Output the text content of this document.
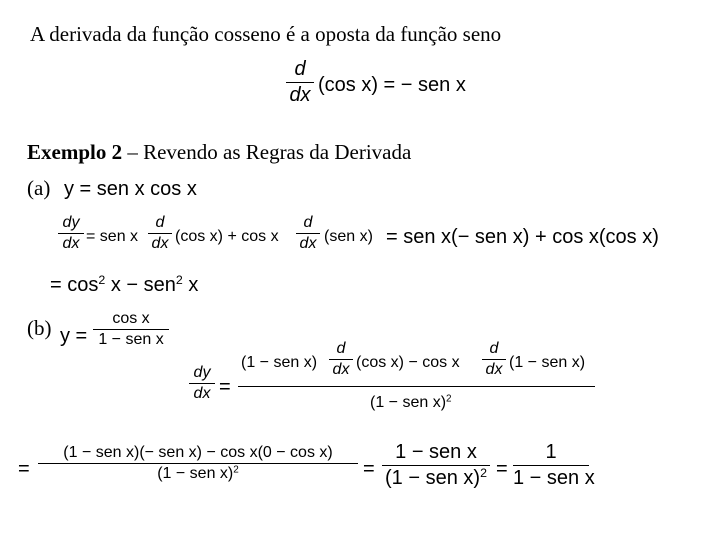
A derivada da função cosseno é a oposta da função seno
d
dx (cos x) = − sen x
Exemplo 2 – Revendo as Regras da Derivada
(a) y = sen x cos x
dy
dx = sen x
d
dx (cos x) + cos x
d
dx (sen x) = sen x(− sen x) + cos x(cos x)
= $\cos^2 x - sen^2$ x
(b) y =
cos x
1 − sen x
dy
dx =
(1 − sen x)
d
dx (cos x) − cos x
d
dx (1 − sen x)
(1 − sen x)$^2$
=
(1 − sen x)(− sen x) − cos x(0 − cos x)
(1 − sen x)$^2$	=
1 − sen x
(1 − sen x)$^2$ =
1
1 − sen x
